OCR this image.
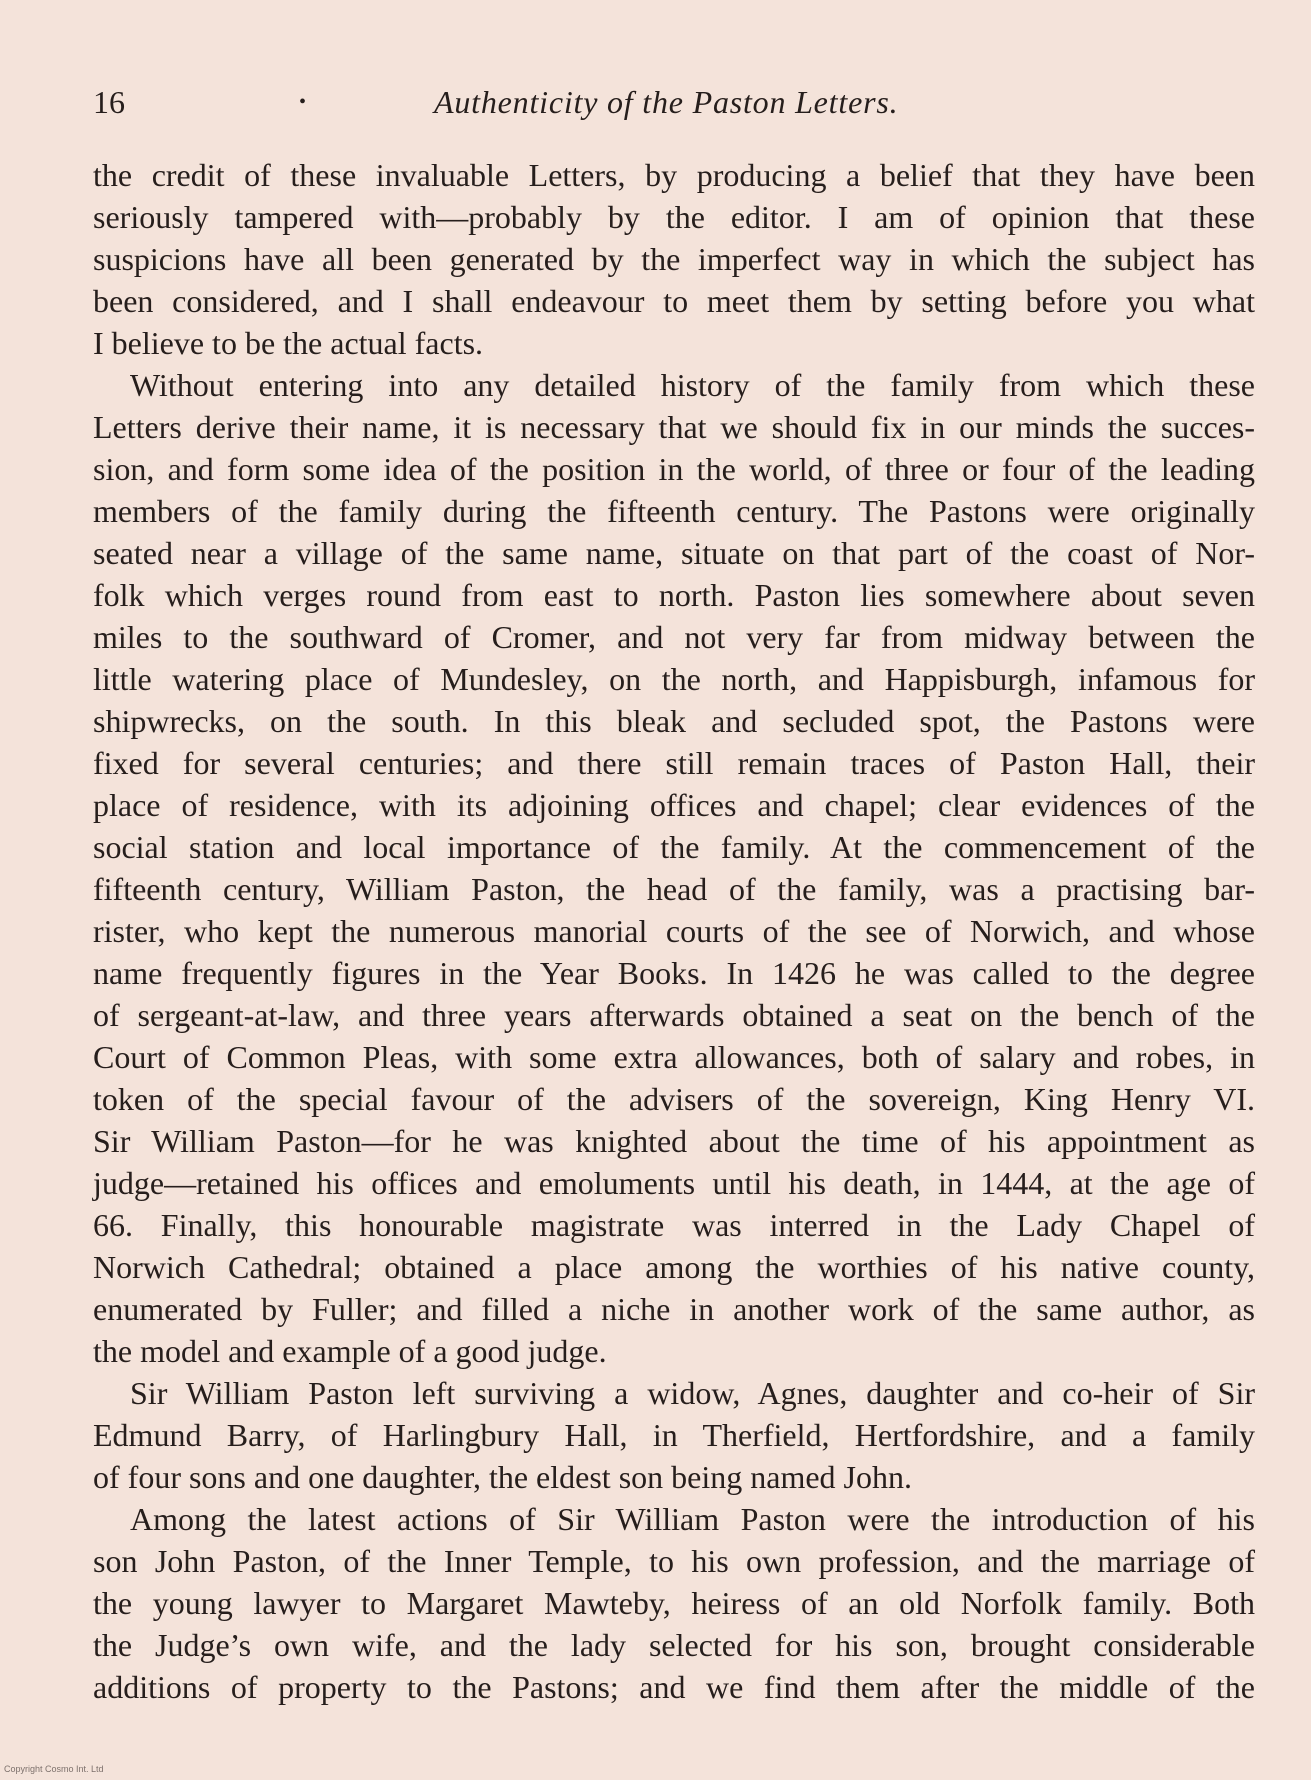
16	•	Authenticity of the Paston Letters.
the credit of these invaluable Letters, by producing a belief that they have been
seriously tampered with—probably by the editor. I am of opinion that these
suspicions have all been generated by the imperfect way in which the subject has
been considered, and I shall endeavour to meet them by setting before you what
I believe to be the actual facts.
Without entering into any detailed history of the family from which these
Letters derive their name, it is necessary that we should fix in our minds the succes-
sion, and form some idea of the position in the world, of three or four of the leading
members of the family during the fifteenth century. The Pastons were originally
seated near a village of the same name, situate on that part of the coast of Nor-
folk which verges round from east to north. Paston lies somewhere about seven
miles to the southward of Cromer, and not very far from midway between the
little watering place of Mundesley, on the north, and Happisburgh, infamous for
shipwrecks, on the south. In this bleak and secluded spot, the Pastons were
fixed for several centuries; and there still remain traces of Paston Hall, their
place of residence, with its adjoining offices and chapel; clear evidences of the
social station and local importance of the family. At the commencement of the
fifteenth century, William Paston, the head of the family, was a practising bar-
rister, who kept the numerous manorial courts of the see of Norwich, and whose
name frequently figures in the Year Books. In 1426 he was called to the degree
of sergeant-at-law, and three years afterwards obtained a seat on the bench of the
Court of Common Pleas, with some extra allowances, both of salary and robes, in
token of the special favour of the advisers of the sovereign, King Henry VI.
Sir William Paston—for he was knighted about the time of his appointment as
judge—retained his offices and emoluments until his death, in 1444, at the age of
66. Finally, this honourable magistrate was interred in the Lady Chapel of
Norwich Cathedral; obtained a place among the worthies of his native county,
enumerated by Fuller; and filled a niche in another work of the same author, as
the model and example of a good judge.
Sir William Paston left surviving a widow, Agnes, daughter and co-heir of Sir
Edmund Barry, of Harlingbury Hall, in Therfield, Hertfordshire, and a family
of four sons and one daughter, the eldest son being named John.
Among the latest actions of Sir William Paston were the introduction of his
son John Paston, of the Inner Temple, to his own profession, and the marriage of
the young lawyer to Margaret Mawteby, heiress of an old Norfolk family. Both
the Judge’s own wife, and the lady selected for his son, brought considerable
additions of property to the Pastons; and we find them after the middle of the
Copyright Cosmo Int. Ltd
